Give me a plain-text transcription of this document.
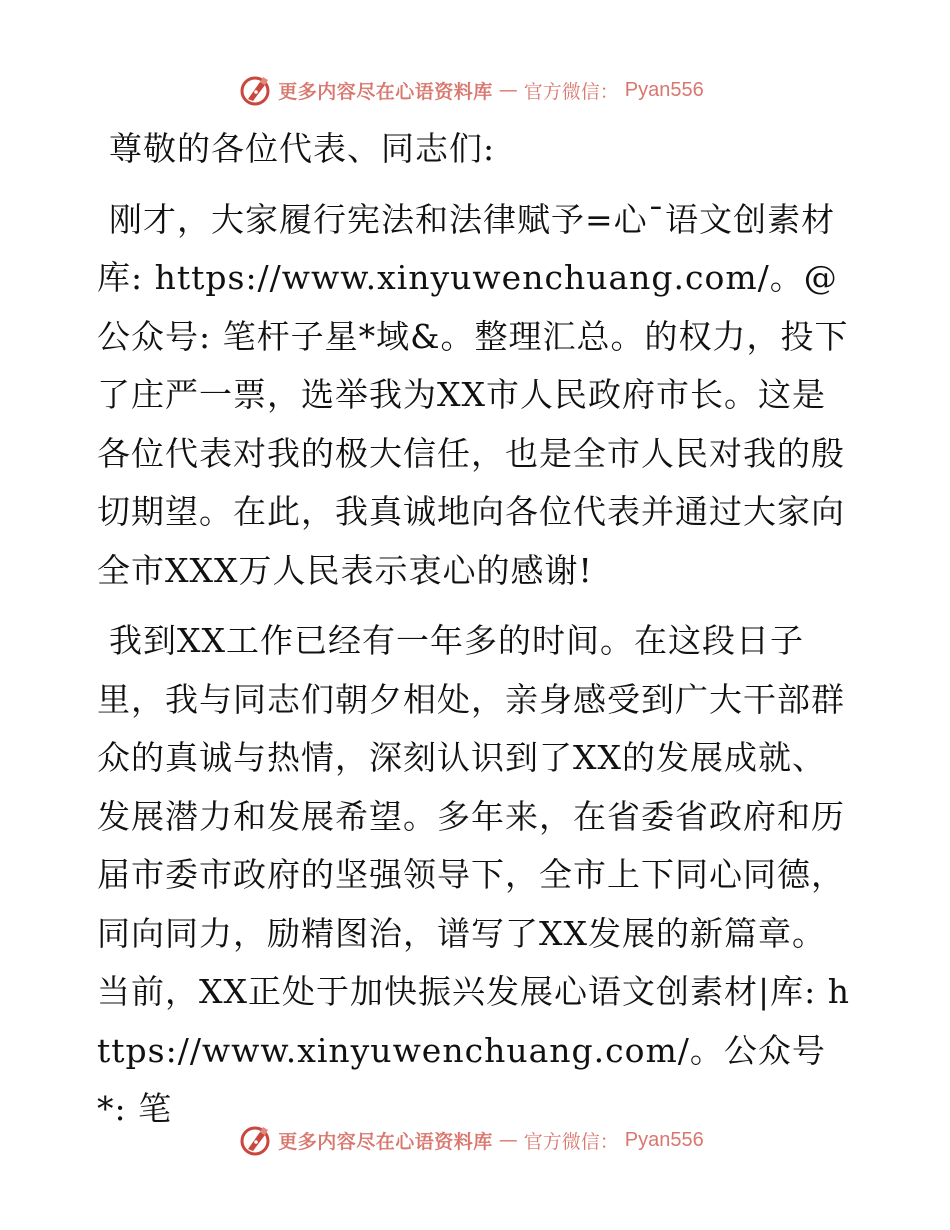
更多内容尽在心语资料库 — 官方微信： Pyan556

尊敬的各位代表、同志们:

刚才，大家履行宪法和法律赋予=心¯语文创素材库: https://www.xinyuwenchuang.com/。@公众号: 笔杆子星*域&。整理汇总。的权力，投下了庄严一票，选举我为XX市人民政府市长。这是各位代表对我的极大信任，也是全市人民对我的殷切期望。在此，我真诚地向各位代表并通过大家向全市XXX万人民表示衷心的感谢!

我到XX工作已经有一年多的时间。在这段日子里，我与同志们朝夕相处，亲身感受到广大干部群众的真诚与热情，深刻认识到了XX的发展成就、发展潜力和发展希望。多年来，在省委省政府和历届市委市政府的坚强领导下，全市上下同心同德，同向同力，励精图治，谱写了XX发展的新篇章。当前，XX正处于加快振兴发展心语文创素材|库: https://www.xinyuwenchuang.com/。公众号*: 笔

更多内容尽在心语资料库 — 官方微信： Pyan556
